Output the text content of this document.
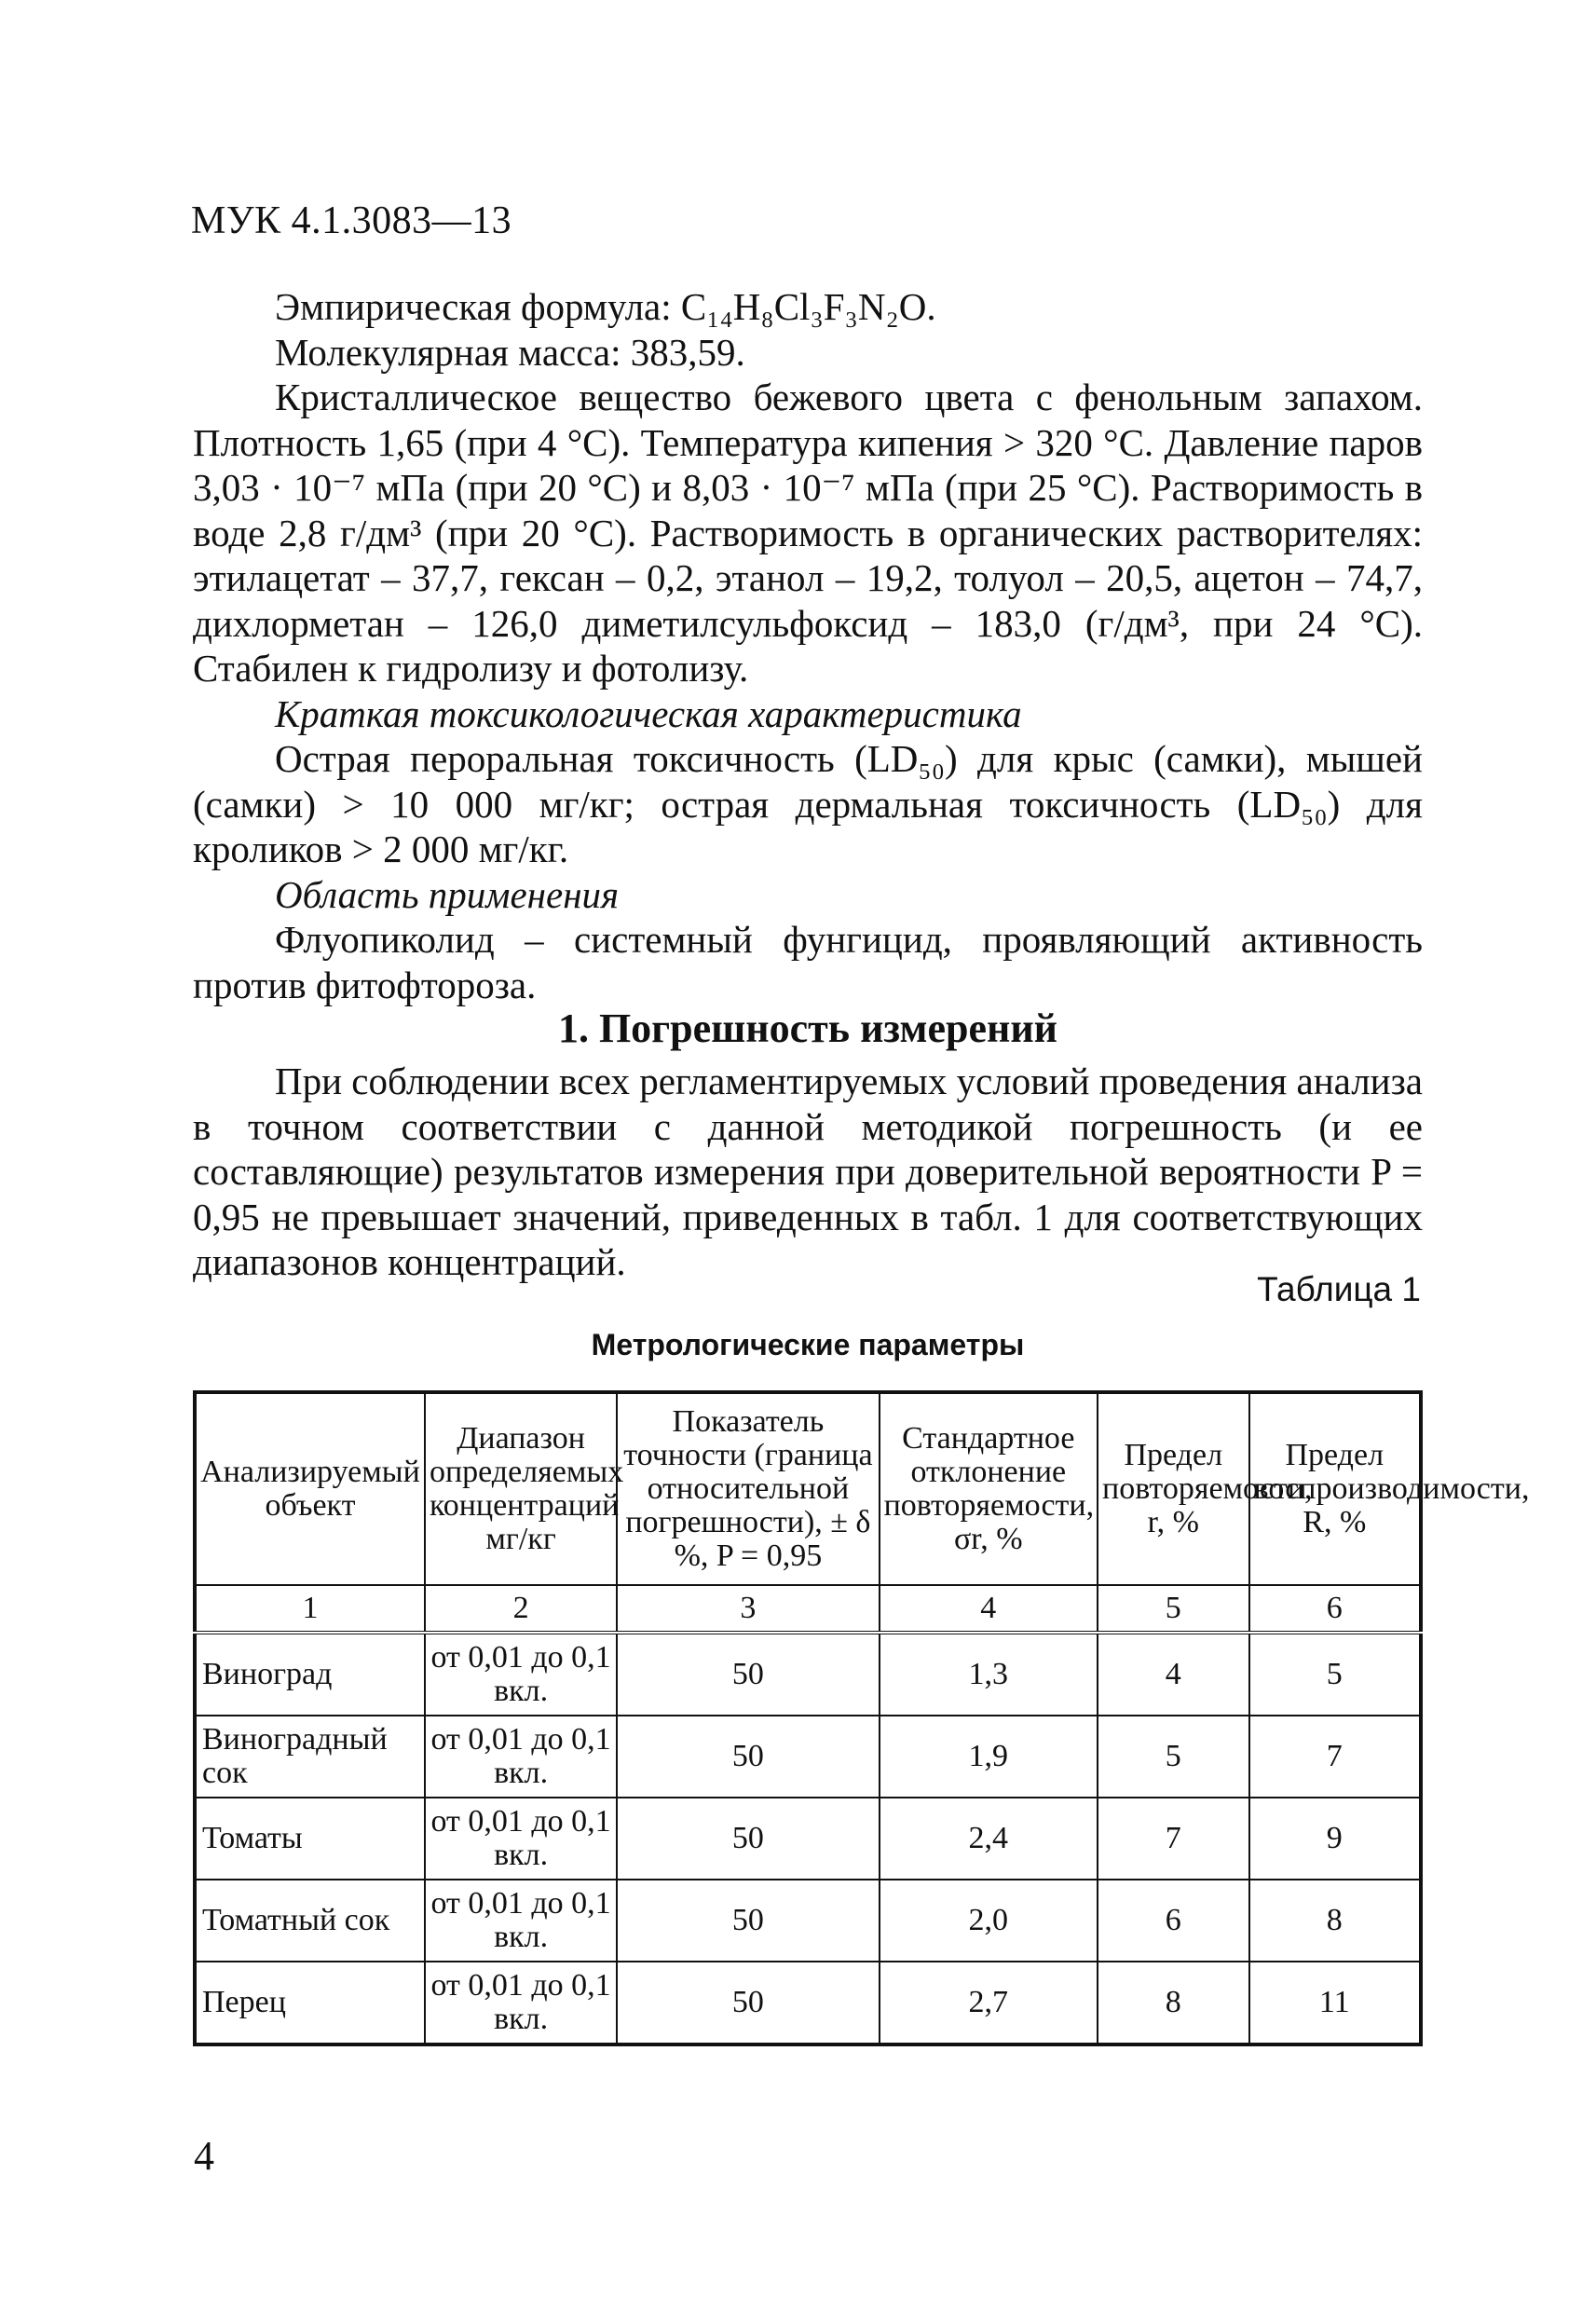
МУК 4.1.3083—13

Эмпирическая формула: C₁₄H₈Cl₃F₃N₂O.

Молекулярная масса: 383,59.

Кристаллическое вещество бежевого цвета с фенольным запахом. Плотность 1,65 (при 4 °C). Температура кипения > 320 °C. Давление паров 3,03 · 10⁻⁷ мПа (при 20 °C) и 8,03 · 10⁻⁷ мПа (при 25 °C). Растворимость в воде 2,8 г/дм³ (при 20 °C). Растворимость в органических растворителях: этилацетат – 37,7, гексан – 0,2, этанол – 19,2, толуол – 20,5, ацетон – 74,7, дихлорметан – 126,0 диметилсульфоксид – 183,0 (г/дм³, при 24 °C). Стабилен к гидролизу и фотолизу.

Краткая токсикологическая характеристика

Острая пероральная токсичность (LD₅₀) для крыс (самки), мышей (самки) > 10 000 мг/кг; острая дермальная токсичность (LD₅₀) для кроликов > 2 000 мг/кг.

Область применения

Флуопиколид – системный фунгицид, проявляющий активность против фитофтороза.

1. Погрешность измерений

При соблюдении всех регламентируемых условий проведения анализа в точном соответствии с данной методикой погрешность (и ее составляющие) результатов измерения при доверительной вероятности P = 0,95 не превышает значений, приведенных в табл. 1 для соответствующих диапазонов концентраций.

Таблица 1
Метрологические параметры
Анализируемый объект	Диапазон определяемых концентраций мг/кг	Показатель точности (границa относительной погрешности), ± δ %, P = 0,95	Стандартное отклонение повторяемости, σr, %	Предел повторяемости, r, %	Предел воспроизводимости, R, %
1	2	3	4	5	6
Виноград	от 0,01 до 0,1 вкл.	50	1,3	4	5
Виноградный сок	от 0,01 до 0,1 вкл.	50	1,9	5	7
Томаты	от 0,01 до 0,1 вкл.	50	2,4	7	9
Томатный сок	от 0,01 до 0,1 вкл.	50	2,0	6	8
Перец	от 0,01 до 0,1 вкл.	50	2,7	8	11
4
